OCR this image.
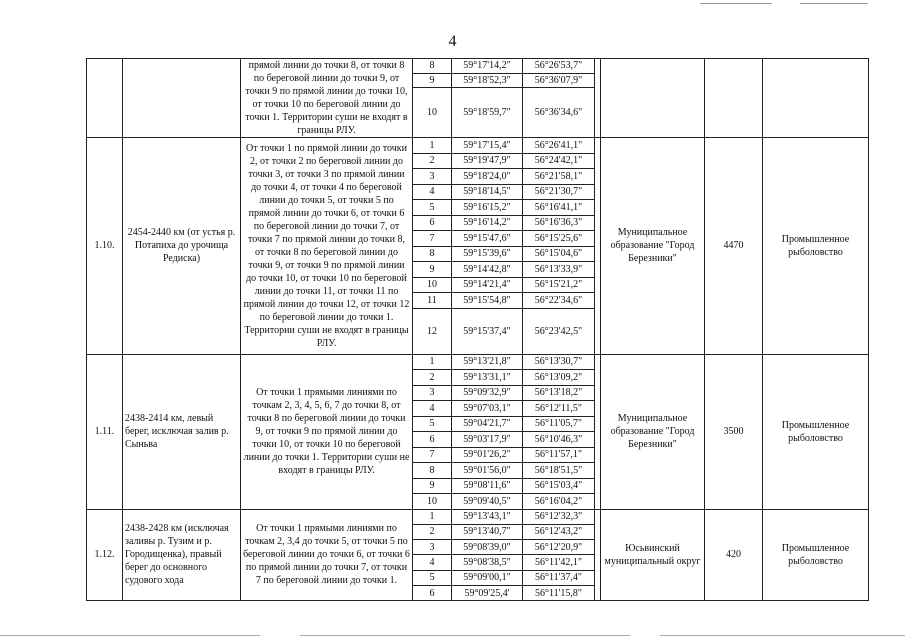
4
		прямой линии до точки 8, от точки 8 по береговой линии до точки 9, от точки 9 по прямой линии до точки 10, от точки 10 по береговой линии до точки 1. Территории суши не входят в границы РЛУ.	8	59°17'14,2"	56°26'53,7"				
			9	59°18'52,3"	56°36'07,9"				
			10	59°18'59,7"	56°36'34,6"				
1.10.	2454-2440 км (от устья р. Потапиха до урочища Редиска)	От точки 1 по прямой линии до точки 2, от точки 2 по береговой линии до точки 3, от точки 3 по прямой линии до точки 4, от точки 4 по береговой линии до точки 5, от точки 5 по прямой линии до точки 6, от точки 6 по береговой линии до точки 7, от точки 7 по прямой линии до точки 8, от точки 8 по береговой линии до точки 9, от точки 9 по прямой линии до точки 10, от точки 10 по береговой линии до точки 11, от точки 11 по прямой линии до точки 12, от точки 12 по береговой линии до точки 1. Территории суши не входят в границы РЛУ.	1	59°17'15,4"	56°26'41,1"		Муниципальное образование "Город Березники"	4470	Промышленное рыболовство
			2	59°19'47,9"	56°24'42,1"				
			3	59°18'24,0"	56°21'58,1"				
			4	59°18'14,5"	56°21'30,7"				
			5	59°16'15,2"	56°16'41,1"				
			6	59°16'14,2"	56°16'36,3"				
			7	59°15'47,6"	56°15'25,6"				
			8	59°15'39,6"	56°15'04,6"				
			9	59°14'42,8"	56°13'33,9"				
			10	59°14'21,4"	56°15'21,2"				
			11	59°15'54,8"	56°22'34,6"				
			12	59°15'37,4"	56°23'42,5"				
1.11.	2438-2414 км, левый берег, исключая залив р. Сыньва	От точки 1 прямыми линиями по точкам 2, 3, 4, 5, 6, 7 до точки 8, от точки 8 по береговой линии до точки 9, от точки 9 по прямой линии до точки 10, от точки 10 по береговой линии до точки 1. Территории суши не входят в границы РЛУ.	1	59°13'21,8"	56°13'30,7"		Муниципальное образование "Город Березники"	3500	Промышленное рыболовство
			2	59°13'31,1"	56°13'09,2"				
			3	59°09'32,9"	56°13'18,2"				
			4	59°07'03,1"	56°12'11,5"				
			5	59°04'21,7"	56°11'05,7"				
			6	59°03'17,9"	56°10'46,3"				
			7	59°01'26,2"	56°11'57,1"				
			8	59°01'56,0"	56°18'51,5"				
			9	59°08'11,6"	56°15'03,4"				
			10	59°09'40,5"	56°16'04,2"				
1.12.	2438-2428 км (исключая заливы р. Тузим и р. Городищенка), правый берег до основного судового хода	От точки 1 прямыми линиями по точкам 2, 3,4 до точки 5, от точки 5 по береговой линии до точки 6, от точки 6 по прямой линии до точки 7, от точки 7 по береговой линии до точки 1.	1	59°13'43,1"	56°12'32,3"		Юсьвинский муниципальный округ	420	Промышленное рыболовство
			2	59°13'40,7"	56°12'43,2"				
			3	59°08'39,0"	56°12'20,9"				
			4	59°08'38,5"	56°11'42,1"				
			5	59°09'00,1"	56°11'37,4"				
			6	59°09'25,4'	56°11'15,8"				
